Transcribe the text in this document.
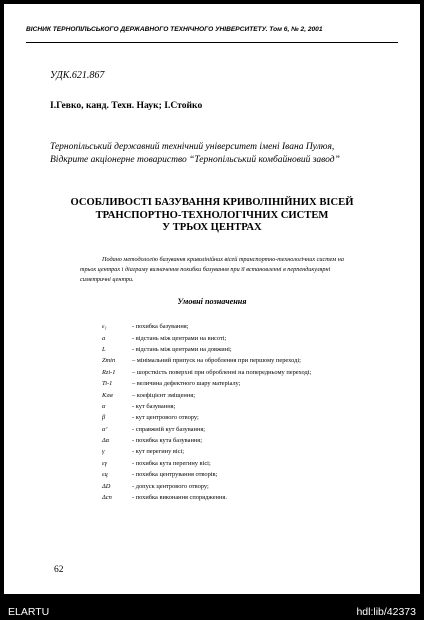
ВІСНИК ТЕРНОПІЛЬСЬКОГО ДЕРЖАВНОГО ТЕХНІЧНОГО УНІВЕРСИТЕТУ. Том 6, № 2, 2001
УДК.621.867
І.Гевко, канд. Техн. Наук; І.Стойко
Тернопільський державний технічний університет імені Івана Пулюя,
Відкрите акціонерне товариство “Тернопільський комбайновий завод”
ОСОБЛИВОСТІ БАЗУВАННЯ КРИВОЛІНІЙНИХ ВІСЕЙ
ТРАНСПОРТНО-ТЕХНОЛОГІЧНИХ СИСТЕМ
У ТРЬОХ ЦЕНТРАХ
Подано методологію базування криволінійних вісей транспортно-технологічних систем на трьох центрах і діаграму визначення похибки базування при її встановленні в перпендикулярні симетричні центри.
Умовні позначення
ε₁	- похибка базування;
a	- відстань між центрами на висоті;
L	- відстань між центрами на довжині;
Zmin	– мінімальний припуск на оброблення при першому переході;
Rzi-1	– шорсткість поверхні при обробленні на попередньому переході;
Ti-1	– величина дефектного шару матеріалу;
Kзм	– коефіцієнт зміщення;
α	- кут базування;
β	- кут центрового отвору;
α’	- справжній кут базування;
Δα	- похибка кута базування;
γ	- кут перегину вісі;
εγ	- похибка кута перегину вісі;
εц	- похибка центрування отворів;
ΔD	- допуск центрового отвору;
Δсп	- похибка виконання спорядження.
62
ELARTU	hdl:lib/42373
